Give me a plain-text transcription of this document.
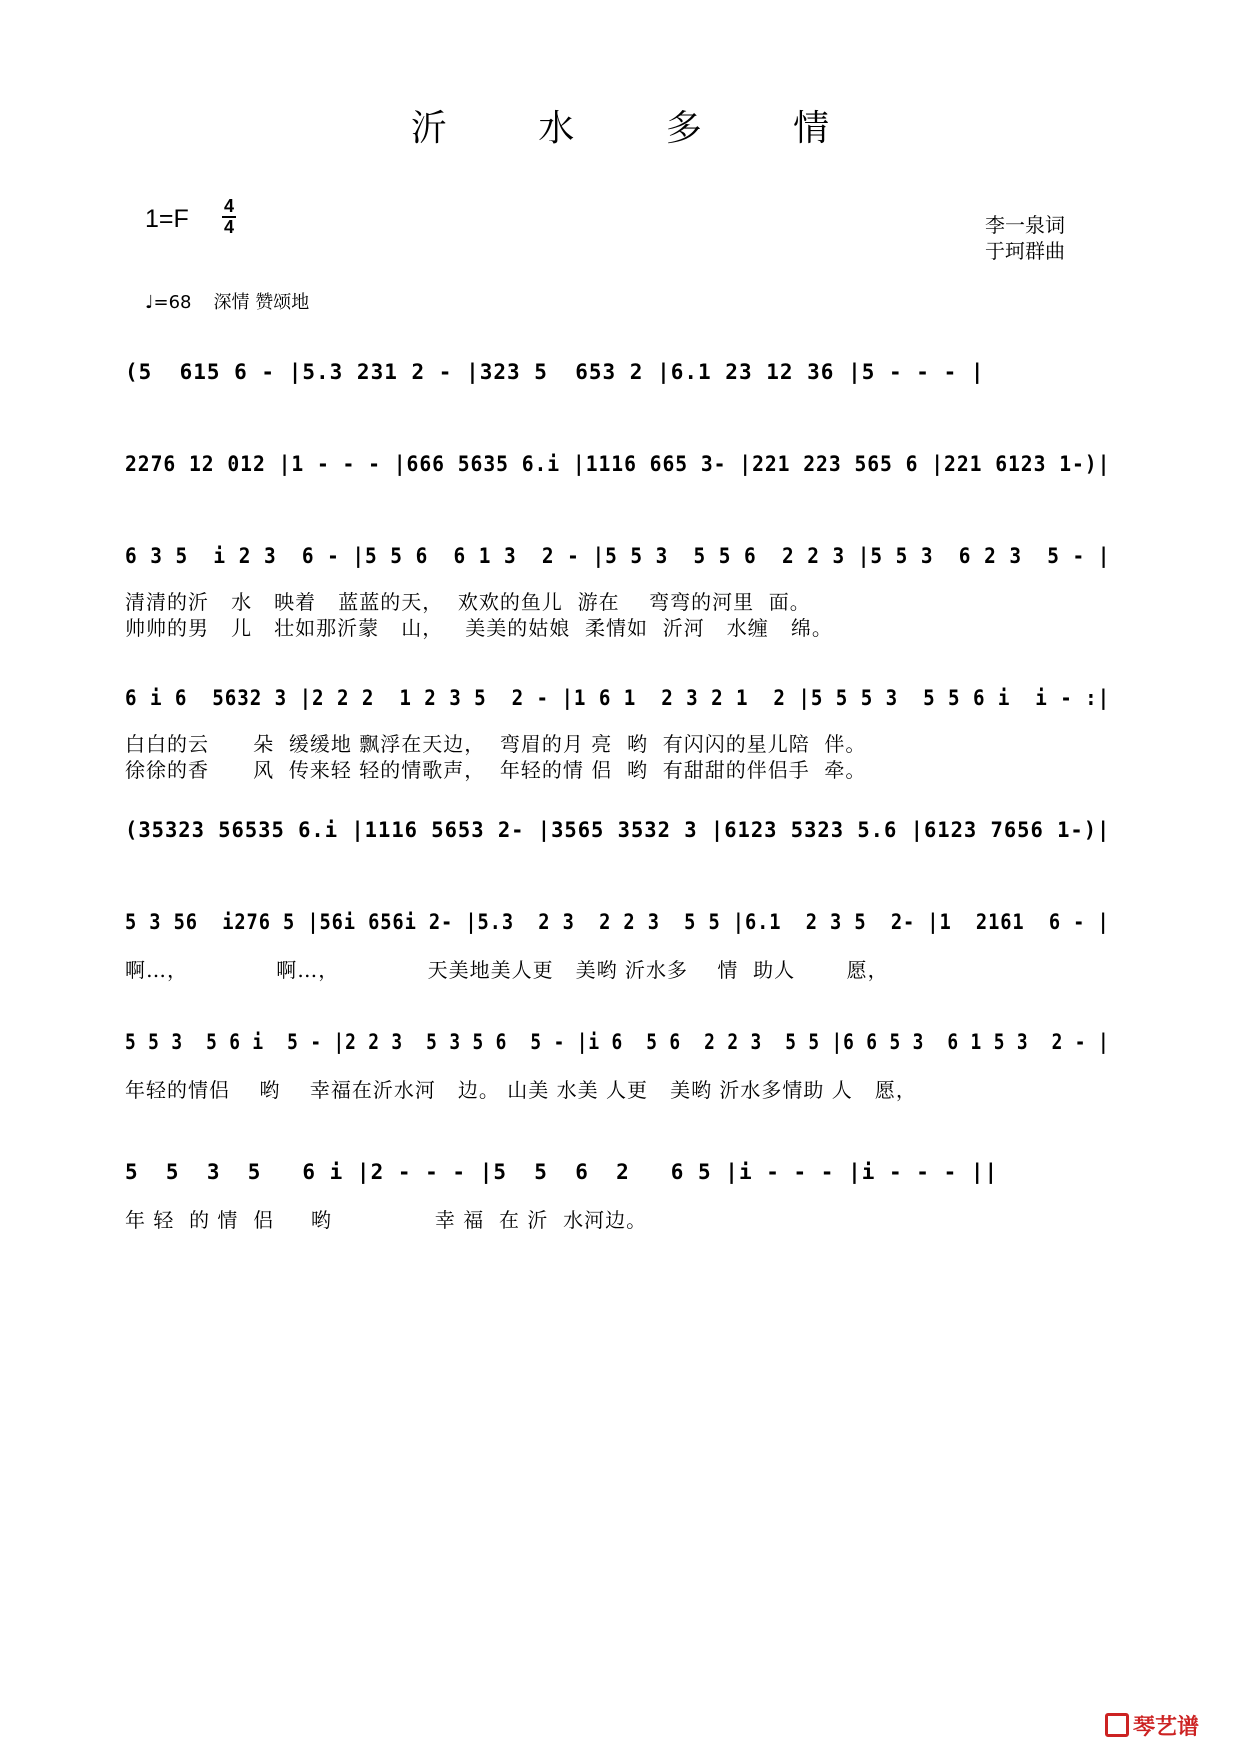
沂 水 多 情
1=F 4
4	李一泉词
于珂群曲
♩=68 深情 赞颂地
(5  615 6 - |5.3 231 2 - |323 5  653 2 |6.1 23 12 36 |5 - - - |
2276 12 012 |1 - - - |666 5635 6.i |1116 665 3- |221 223 565 6 |221 6123 1-)|
6 3 5  i 2 3  6 - |5 5 6  6 1 3  2 - |5 5 3  5 5 6  2 2 3 |5 5 3  6 2 3  5 - |
清清的沂   水   映着   蓝蓝的天，  欢欢的鱼儿  游在    弯弯的河里  面。
帅帅的男   儿   壮如那沂蒙   山，   美美的姑娘  柔情如  沂河   水缠   绵。
6 i 6  5632 3 |2 2 2  1 2 3 5  2 - |1 6 1  2 3 2 1  2 |5 5 5 3  5 5 6 i  i - :|
白白的云      朵  缓缓地 飘浮在天边，  弯眉的月 亮  哟  有闪闪的星儿陪  伴。
徐徐的香      风  传来轻 轻的情歌声，  年轻的情 侣  哟  有甜甜的伴侣手  牵。
(35323 56535 6.i |1116 5653 2- |3565 3532 3 |6123 5323 5.6 |6123 7656 1-)|
5 3 56  i276 5 |56i 656i 2- |5.3  2 3  2 2 3  5 5 |6.1  2 3 5  2- |1  2161  6 - |
啊…，            啊…，            天美地美人更   美哟 沂水多    情  助人       愿，
5 5 3  5 6 i  5 - |2 2 3  5 3 5 6  5 - |i 6  5 6  2 2 3  5 5 |6 6 5 3  6 1 5 3  2 - |
年轻的情侣    哟    幸福在沂水河   边。 山美 水美 人更   美哟 沂水多情助 人   愿，
5  5  3  5   6 i |2 - - - |5  5  6  2   6 5 |i - - - |i - - - ||
年 轻  的 情  侣     哟              幸 福  在 沂  水河边。
琴艺谱
